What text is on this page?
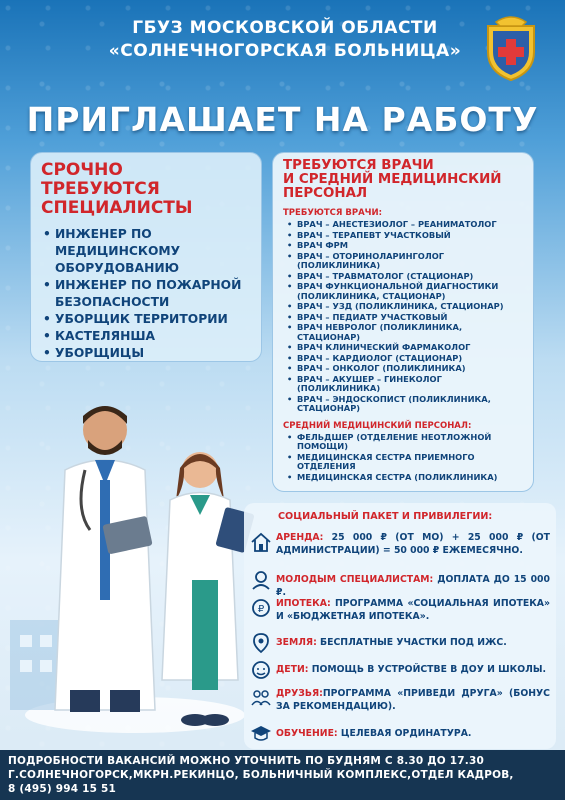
ГБУЗ МОСКОВСКОЙ ОБЛАСТИ
«СОЛНЕЧНОГОРСКАЯ БОЛЬНИЦА»
ПРИГЛАШАЕТ НА РАБОТУ
СРОЧНО
ТРЕБУЮТСЯ
СПЕЦИАЛИСТЫ
• ИНЖЕНЕР ПО МЕДИЦИНСКОМУ ОБОРУДОВАНИЮ
• ИНЖЕНЕР ПО ПОЖАРНОЙ БЕЗОПАСНОСТИ
• УБОРЩИК ТЕРРИТОРИИ
• КАСТЕЛЯНША
• УБОРЩИЦЫ
ТРЕБУЮТСЯ ВРАЧИ
И СРЕДНИЙ МЕДИЦИНСКИЙ
ПЕРСОНАЛ
ТРЕБУЮТСЯ ВРАЧИ:
• ВРАЧ – АНЕСТЕЗИОЛОГ – РЕАНИМАТОЛОГ
• ВРАЧ – ТЕРАПЕВТ УЧАСТКОВЫЙ
• ВРАЧ ФРМ
• ВРАЧ – ОТОРИНОЛАРИНГОЛОГ (ПОЛИКЛИНИКА)
• ВРАЧ – ТРАВМАТОЛОГ (СТАЦИОНАР)
• ВРАЧ ФУНКЦИОНАЛЬНОЙ ДИАГНОСТИКИ (ПОЛИКЛИНИКА, СТАЦИОНАР)
• ВРАЧ – УЗД (ПОЛИКЛИНИКА, СТАЦИОНАР)
• ВРАЧ – ПЕДИАТР УЧАСТКОВЫЙ
• ВРАЧ НЕВРОЛОГ (ПОЛИКЛИНИКА, СТАЦИОНАР)
• ВРАЧ КЛИНИЧЕСКИЙ ФАРМАКОЛОГ
• ВРАЧ – КАРДИОЛОГ (СТАЦИОНАР)
• ВРАЧ – ОНКОЛОГ (ПОЛИКЛИНИКА)
• ВРАЧ – АКУШЕР – ГИНЕКОЛОГ (ПОЛИКЛИНИКА)
• ВРАЧ – ЭНДОСКОПИСТ (ПОЛИКЛИНИКА, СТАЦИОНАР)
СРЕДНИЙ МЕДИЦИНСКИЙ ПЕРСОНАЛ:
• ФЕЛЬДШЕР (ОТДЕЛЕНИЕ НЕОТЛОЖНОЙ ПОМОЩИ)
• МЕДИЦИНСКАЯ СЕСТРА ПРИЕМНОГО ОТДЕЛЕНИЯ
• МЕДИЦИНСКАЯ СЕСТРА (ПОЛИКЛИНИКА)
СОЦИАЛЬНЫЙ ПАКЕТ И ПРИВИЛЕГИИ:
АРЕНДА: 25 000 ₽ (ОТ МО) + 25 000 ₽ (ОТ АДМИНИСТРАЦИИ) = 50 000 ₽ ЕЖЕМЕСЯЧНО.
МОЛОДЫМ СПЕЦИАЛИСТАМ: ДОПЛАТА ДО 15 000 ₽.
₽
ИПОТЕКА: ПРОГРАММА «СОЦИАЛЬНАЯ ИПОТЕКА» И «БЮДЖЕТНАЯ ИПОТЕКА».
ЗЕМЛЯ: БЕСПЛАТНЫЕ УЧАСТКИ ПОД ИЖС.
ДЕТИ: ПОМОЩЬ В УСТРОЙСТВЕ В ДОУ И ШКОЛЫ.
ДРУЗЬЯ:ПРОГРАММА «ПРИВЕДИ ДРУГА» (БОНУС ЗА РЕКОМЕНДАЦИЮ).
ОБУЧЕНИЕ: ЦЕЛЕВАЯ ОРДИНАТУРА.
ПОДРОБНОСТИ ВАКАНСИЙ МОЖНО УТОЧНИТЬ ПО БУДНЯМ С 8.30 ДО 17.30
Г.СОЛНЕЧНОГОРСК,МКРН.РЕКИНЦО, БОЛЬНИЧНЫЙ КОМПЛЕКС,ОТДЕЛ КАДРОВ,
8 (495) 994 15 51
